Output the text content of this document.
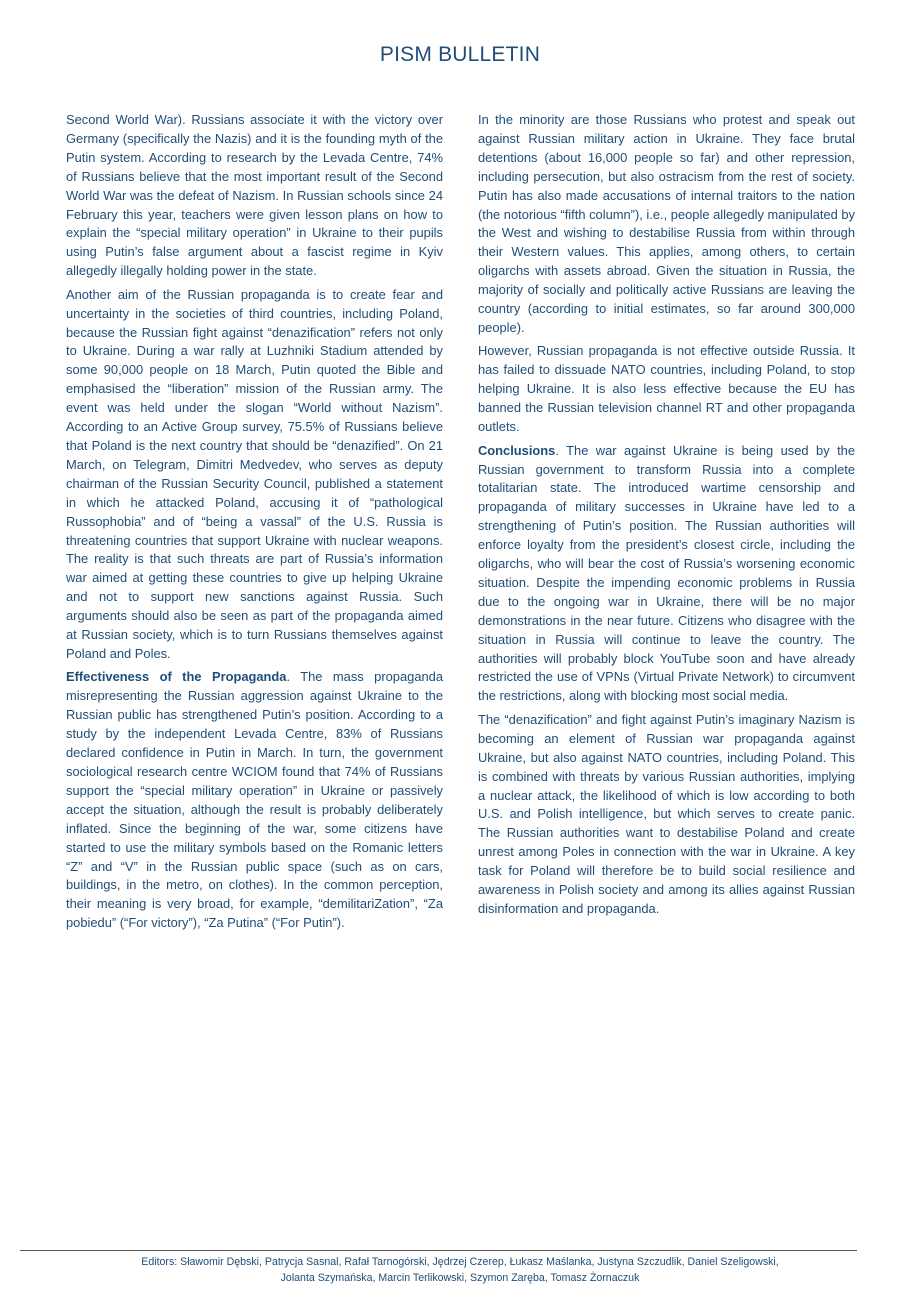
PISM BULLETIN

Second World War). Russians associate it with the victory over Germany (specifically the Nazis) and it is the founding myth of the Putin system. According to research by the Levada Centre, 74% of Russians believe that the most important result of the Second World War was the defeat of Nazism. In Russian schools since 24 February this year, teachers were given lesson plans on how to explain the “special military operation” in Ukraine to their pupils using Putin’s false argument about a fascist regime in Kyiv allegedly illegally holding power in the state.

Another aim of the Russian propaganda is to create fear and uncertainty in the societies of third countries, including Poland, because the Russian fight against “denazification” refers not only to Ukraine. During a war rally at Luzhniki Stadium attended by some 90,000 people on 18 March, Putin quoted the Bible and emphasised the “liberation” mission of the Russian army. The event was held under the slogan “World without Nazism”. According to an Active Group survey, 75.5% of Russians believe that Poland is the next country that should be “denazified”. On 21 March, on Telegram, Dimitri Medvedev, who serves as deputy chairman of the Russian Security Council, published a statement in which he attacked Poland, accusing it of “pathological Russophobia” and of “being a vassal” of the U.S. Russia is threatening countries that support Ukraine with nuclear weapons. The reality is that such threats are part of Russia’s information war aimed at getting these countries to give up helping Ukraine and not to support new sanctions against Russia. Such arguments should also be seen as part of the propaganda aimed at Russian society, which is to turn Russians themselves against Poland and Poles.

Effectiveness of the Propaganda. The mass propaganda misrepresenting the Russian aggression against Ukraine to the Russian public has strengthened Putin’s position. According to a study by the independent Levada Centre, 83% of Russians declared confidence in Putin in March. In turn, the government sociological research centre WCIOM found that 74% of Russians support the “special military operation” in Ukraine or passively accept the situation, although the result is probably deliberately inflated. Since the beginning of the war, some citizens have started to use the military symbols based on the Romanic letters “Z” and “V” in the Russian public space (such as on cars, buildings, in the metro, on clothes). In the common perception, their meaning is very broad, for example, “demilitariZation”, “Za pobiedu” (“For victory”), “Za Putina” (“For Putin”).

In the minority are those Russians who protest and speak out against Russian military action in Ukraine. They face brutal detentions (about 16,000 people so far) and other repression, including persecution, but also ostracism from the rest of society. Putin has also made accusations of internal traitors to the nation (the notorious “fifth column”), i.e., people allegedly manipulated by the West and wishing to destabilise Russia from within through their Western values. This applies, among others, to certain oligarchs with assets abroad. Given the situation in Russia, the majority of socially and politically active Russians are leaving the country (according to initial estimates, so far around 300,000 people).

However, Russian propaganda is not effective outside Russia. It has failed to dissuade NATO countries, including Poland, to stop helping Ukraine. It is also less effective because the EU has banned the Russian television channel RT and other propaganda outlets.

Conclusions. The war against Ukraine is being used by the Russian government to transform Russia into a complete totalitarian state. The introduced wartime censorship and propaganda of military successes in Ukraine have led to a strengthening of Putin’s position. The Russian authorities will enforce loyalty from the president’s closest circle, including the oligarchs, who will bear the cost of Russia’s worsening economic situation. Despite the impending economic problems in Russia due to the ongoing war in Ukraine, there will be no major demonstrations in the near future. Citizens who disagree with the situation in Russia will continue to leave the country. The authorities will probably block YouTube soon and have already restricted the use of VPNs (Virtual Private Network) to circumvent the restrictions, along with blocking most social media.

The “denazification” and fight against Putin’s imaginary Nazism is becoming an element of Russian war propaganda against Ukraine, but also against NATO countries, including Poland. This is combined with threats by various Russian authorities, implying a nuclear attack, the likelihood of which is low according to both U.S. and Polish intelligence, but which serves to create panic. The Russian authorities want to destabilise Poland and create unrest among Poles in connection with the war in Ukraine. A key task for Poland will therefore be to build social resilience and awareness in Polish society and among its allies against Russian disinformation and propaganda.

Editors: Sławomir Dębski, Patrycja Sasnal, Rafał Tarnogórski, Jędrzej Czerep, Łukasz Maślanka, Justyna Szczudlik, Daniel Szeligowski,
Jolanta Szymańska, Marcin Terlikowski, Szymon Zaręba, Tomasz Żornaczuk
